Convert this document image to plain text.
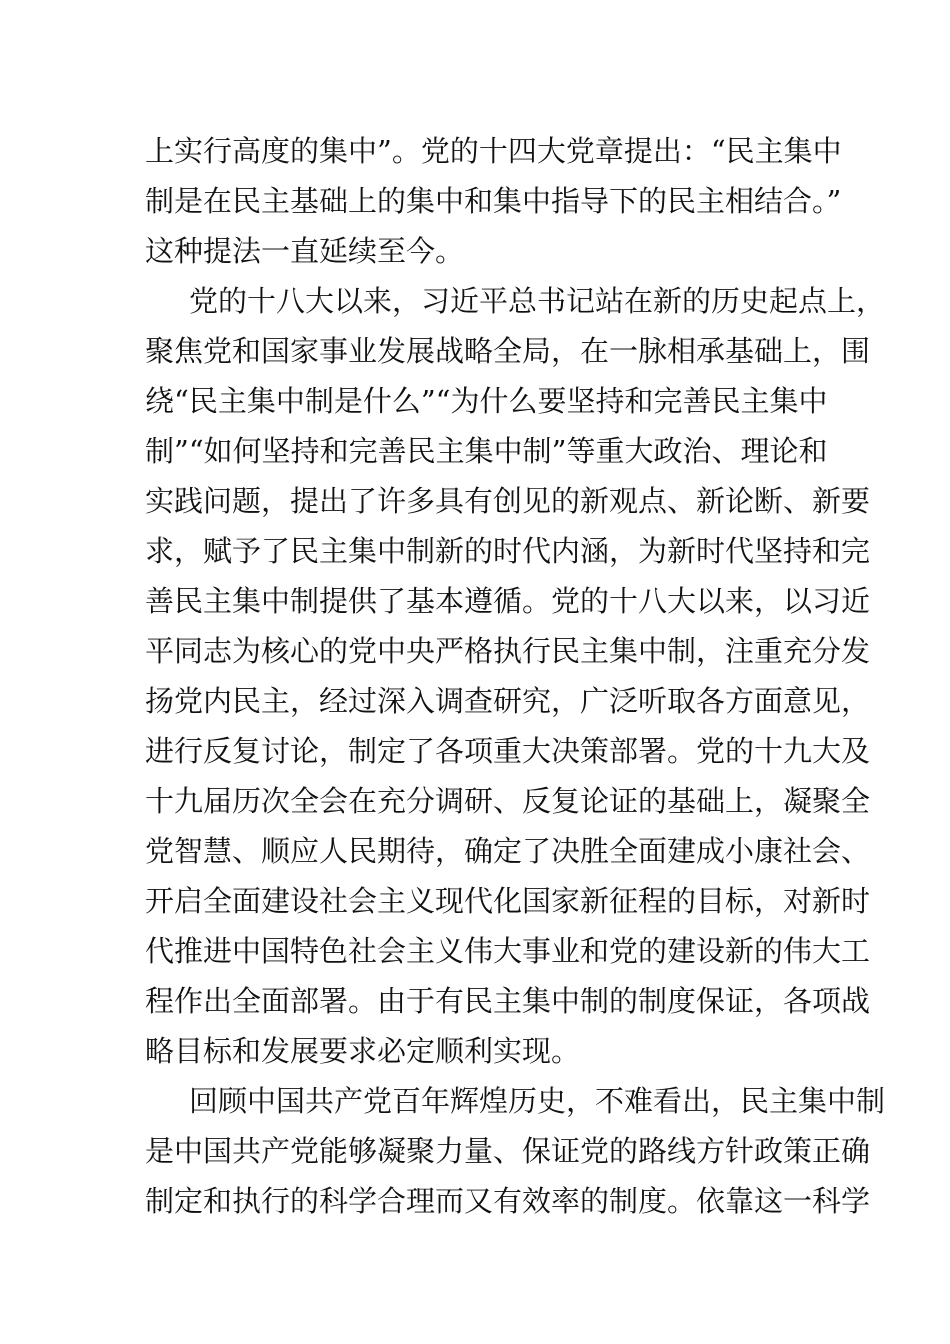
上实行高度的集中”。党的十四大党章提出：“民主集中
制是在民主基础上的集中和集中指导下的民主相结合。”
这种提法一直延续至今。
党的十八大以来，习近平总书记站在新的历史起点上，
聚焦党和国家事业发展战略全局，在一脉相承基础上，围
绕“民主集中制是什么”“为什么要坚持和完善民主集中
制”“如何坚持和完善民主集中制”等重大政治、理论和
实践问题，提出了许多具有创见的新观点、新论断、新要
求，赋予了民主集中制新的时代内涵，为新时代坚持和完
善民主集中制提供了基本遵循。党的十八大以来，以习近
平同志为核心的党中央严格执行民主集中制，注重充分发
扬党内民主，经过深入调查研究，广泛听取各方面意见，
进行反复讨论，制定了各项重大决策部署。党的十九大及
十九届历次全会在充分调研、反复论证的基础上，凝聚全
党智慧、顺应人民期待，确定了决胜全面建成小康社会、
开启全面建设社会主义现代化国家新征程的目标，对新时
代推进中国特色社会主义伟大事业和党的建设新的伟大工
程作出全面部署。由于有民主集中制的制度保证，各项战
略目标和发展要求必定顺利实现。
回顾中国共产党百年辉煌历史，不难看出，民主集中制
是中国共产党能够凝聚力量、保证党的路线方针政策正确
制定和执行的科学合理而又有效率的制度。依靠这一科学
